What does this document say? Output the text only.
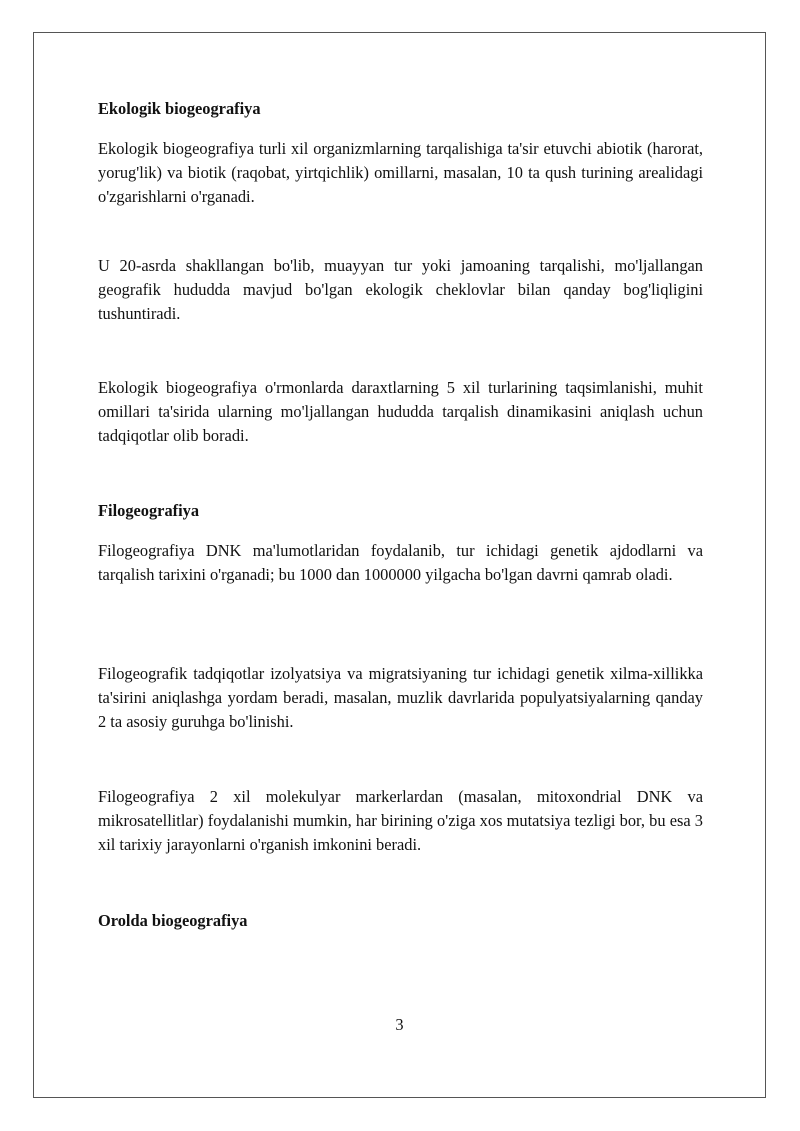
Ekologik biogeografiya

Ekologik biogeografiya turli xil organizmlarning tarqalishiga ta'sir etuvchi abiotik (harorat, yorug'lik) va biotik (raqobat, yirtqichlik) omillarni, masalan, 10 ta qush turining arealidagi o'zgarishlarni o'rganadi.

U 20-asrda shakllangan bo'lib, muayyan tur yoki jamoaning tarqalishi, mo'ljallangan geografik hududda mavjud bo'lgan ekologik cheklovlar bilan qanday bog'liqligini tushuntiradi.

Ekologik biogeografiya o'rmonlarda daraxtlarning 5 xil turlarining taqsimlanishi, muhit omillari ta'sirida ularning mo'ljallangan hududda tarqalish dinamikasini aniqlash uchun tadqiqotlar olib boradi.

Filogeografiya

Filogeografiya DNK ma'lumotlaridan foydalanib, tur ichidagi genetik ajdodlarni va tarqalish tarixini o'rganadi; bu 1000 dan 1000000 yilgacha bo'lgan davrni qamrab oladi.

Filogeografik tadqiqotlar izolyatsiya va migratsiyaning tur ichidagi genetik xilma-xillikka ta'sirini aniqlashga yordam beradi, masalan, muzlik davrlarida populyatsiyalarning qanday 2 ta asosiy guruhga bo'linishi.

Filogeografiya 2 xil molekulyar markerlardan (masalan, mitoxondrial DNK va mikrosatellitlar) foydalanishi mumkin, har birining o'ziga xos mutatsiya tezligi bor, bu esa 3 xil tarixiy jarayonlarni o'rganish imkonini beradi.

Orolda biogeografiya
3
